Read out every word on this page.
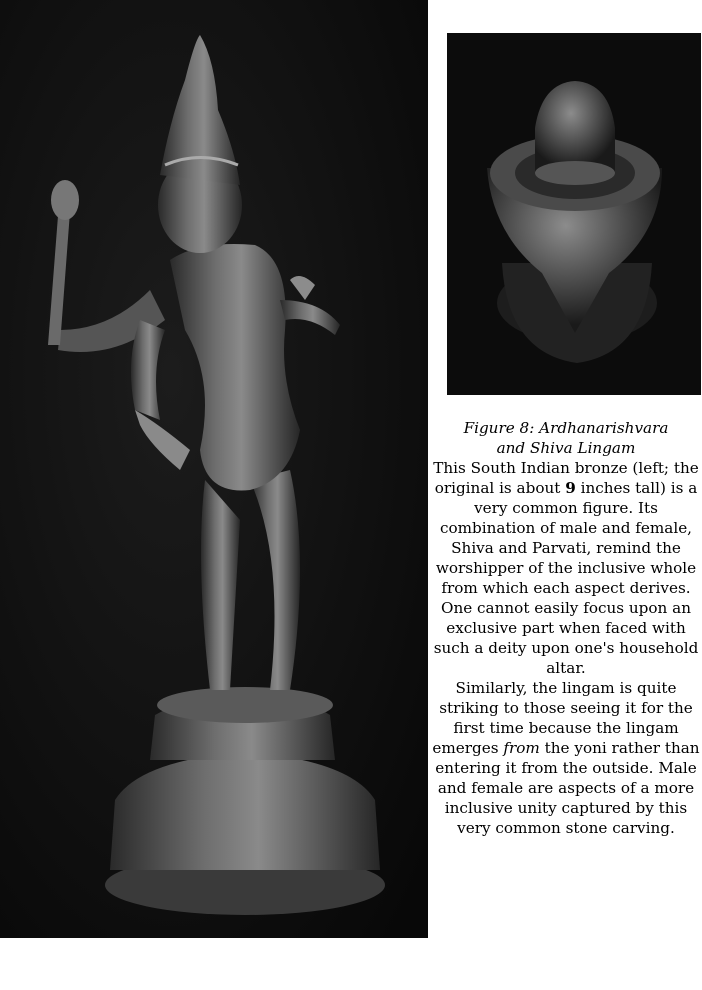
Figure 8: Ardhanarishvara
and Shiva Lingam

This South Indian bronze (left; the original is about 9 inches tall) is a very common figure. Its combination of male and female, Shiva and Parvati, remind the worshipper of the inclusive whole from which each aspect derives. One cannot easily focus upon an exclusive part when faced with such a deity upon one's household altar.

Similarly, the lingam is quite striking to those seeing it for the first time because the lingam emerges from the yoni rather than entering it from the outside. Male and female are aspects of a more inclusive unity captured by this very common stone carving.
